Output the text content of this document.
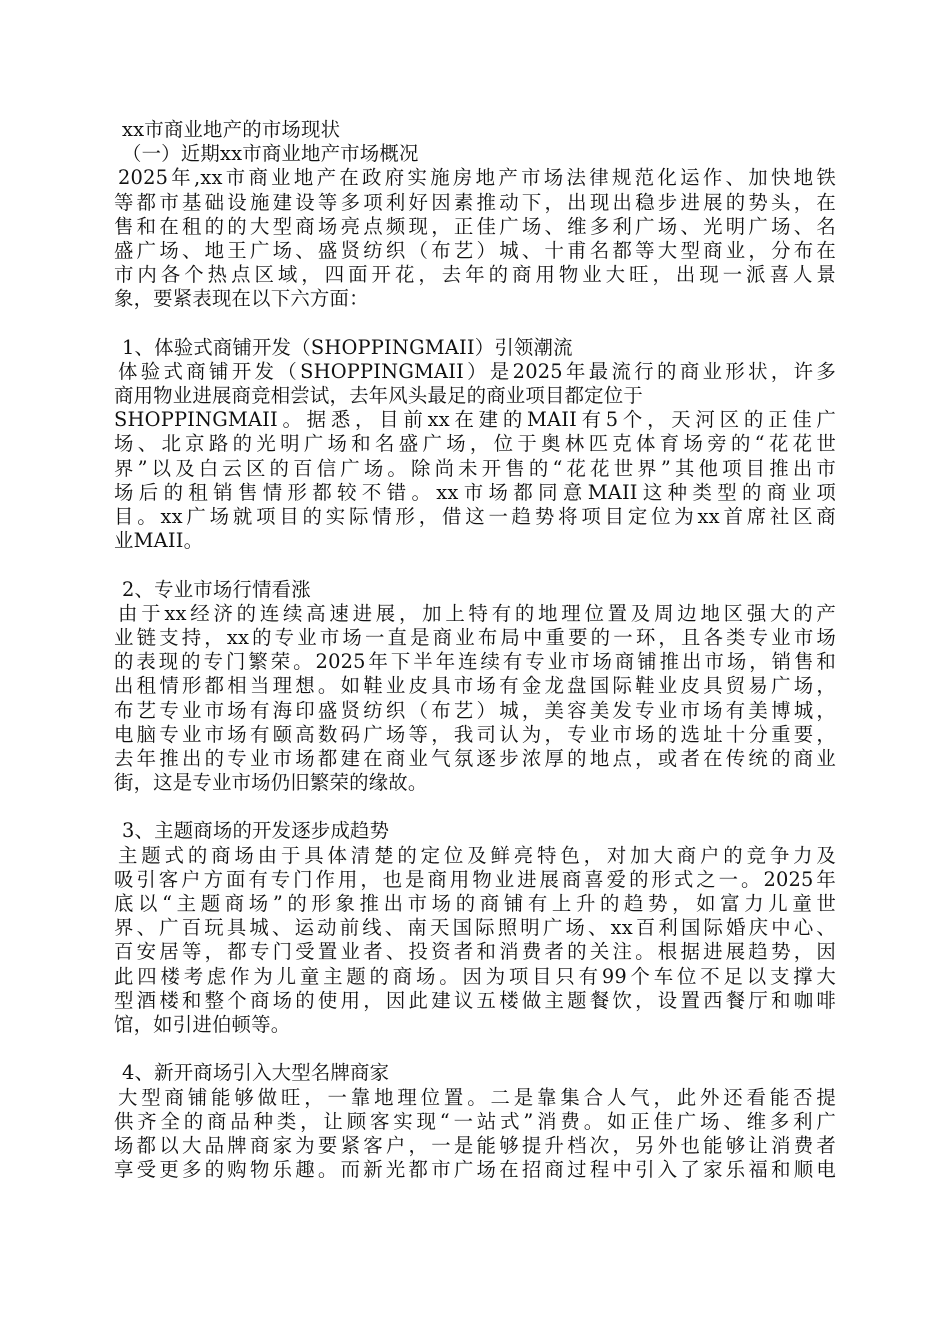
xx市商业地产的市场现状
（一）近期xx市商业地产市场概况
2025年,xx市商业地产在政府实施房地产市场法律规范化运作、加快地铁
等都市基础设施建设等多项利好因素推动下，出现出稳步进展的势头，在
售和在租的的大型商场亮点频现，正佳广场、维多利广场、光明广场、名
盛广场、地王广场、盛贤纺织（布艺）城、十甫名都等大型商业，分布在
市内各个热点区域，四面开花，去年的商用物业大旺，出现一派喜人景
象，要紧表现在以下六方面：
1、体验式商铺开发（SHOPPINGMAII）引领潮流
体验式商铺开发（SHOPPINGMAII）是2025年最流行的商业形状，许多
商用物业进展商竞相尝试，去年风头最足的商业项目都定位于
SHOPPINGMAII。据悉，目前xx在建的MAII有5个，天河区的正佳广
场、北京路的光明广场和名盛广场，位于奥林匹克体育场旁的“花花世
界”以及白云区的百信广场。除尚未开售的“花花世界”其他项目推出市
场后的租销售情形都较不错。xx市场都同意MAII这种类型的商业项
目。xx广场就项目的实际情形，借这一趋势将项目定位为xx首席社区商
业MAII。
2、专业市场行情看涨
由于xx经济的连续高速进展，加上特有的地理位置及周边地区强大的产
业链支持，xx的专业市场一直是商业布局中重要的一环，且各类专业市场
的表现的专门繁荣。2025年下半年连续有专业市场商铺推出市场，销售和
出租情形都相当理想。如鞋业皮具市场有金龙盘国际鞋业皮具贸易广场，
布艺专业市场有海印盛贤纺织（布艺）城，美容美发专业市场有美博城，
电脑专业市场有颐高数码广场等，我司认为，专业市场的选址十分重要，
去年推出的专业市场都建在商业气氛逐步浓厚的地点，或者在传统的商业
街，这是专业市场仍旧繁荣的缘故。
3、主题商场的开发逐步成趋势
主题式的商场由于具体清楚的定位及鲜亮特色，对加大商户的竞争力及
吸引客户方面有专门作用，也是商用物业进展商喜爱的形式之一。2025年
底以“主题商场”的形象推出市场的商铺有上升的趋势，如富力儿童世
界、广百玩具城、运动前线、南天国际照明广场、xx百利国际婚庆中心、
百安居等，都专门受置业者、投资者和消费者的关注。根据进展趋势，因
此四楼考虑作为儿童主题的商场。因为项目只有99个车位不足以支撑大
型酒楼和整个商场的使用，因此建议五楼做主题餐饮，设置西餐厅和咖啡
馆，如引进伯顿等。
4、新开商场引入大型名牌商家
大型商铺能够做旺，一靠地理位置。二是靠集合人气，此外还看能否提
供齐全的商品种类，让顾客实现“一站式”消费。如正佳广场、维多利广
场都以大品牌商家为要紧客户，一是能够提升档次，另外也能够让消费者
享受更多的购物乐趣。而新光都市广场在招商过程中引入了家乐福和顺电
